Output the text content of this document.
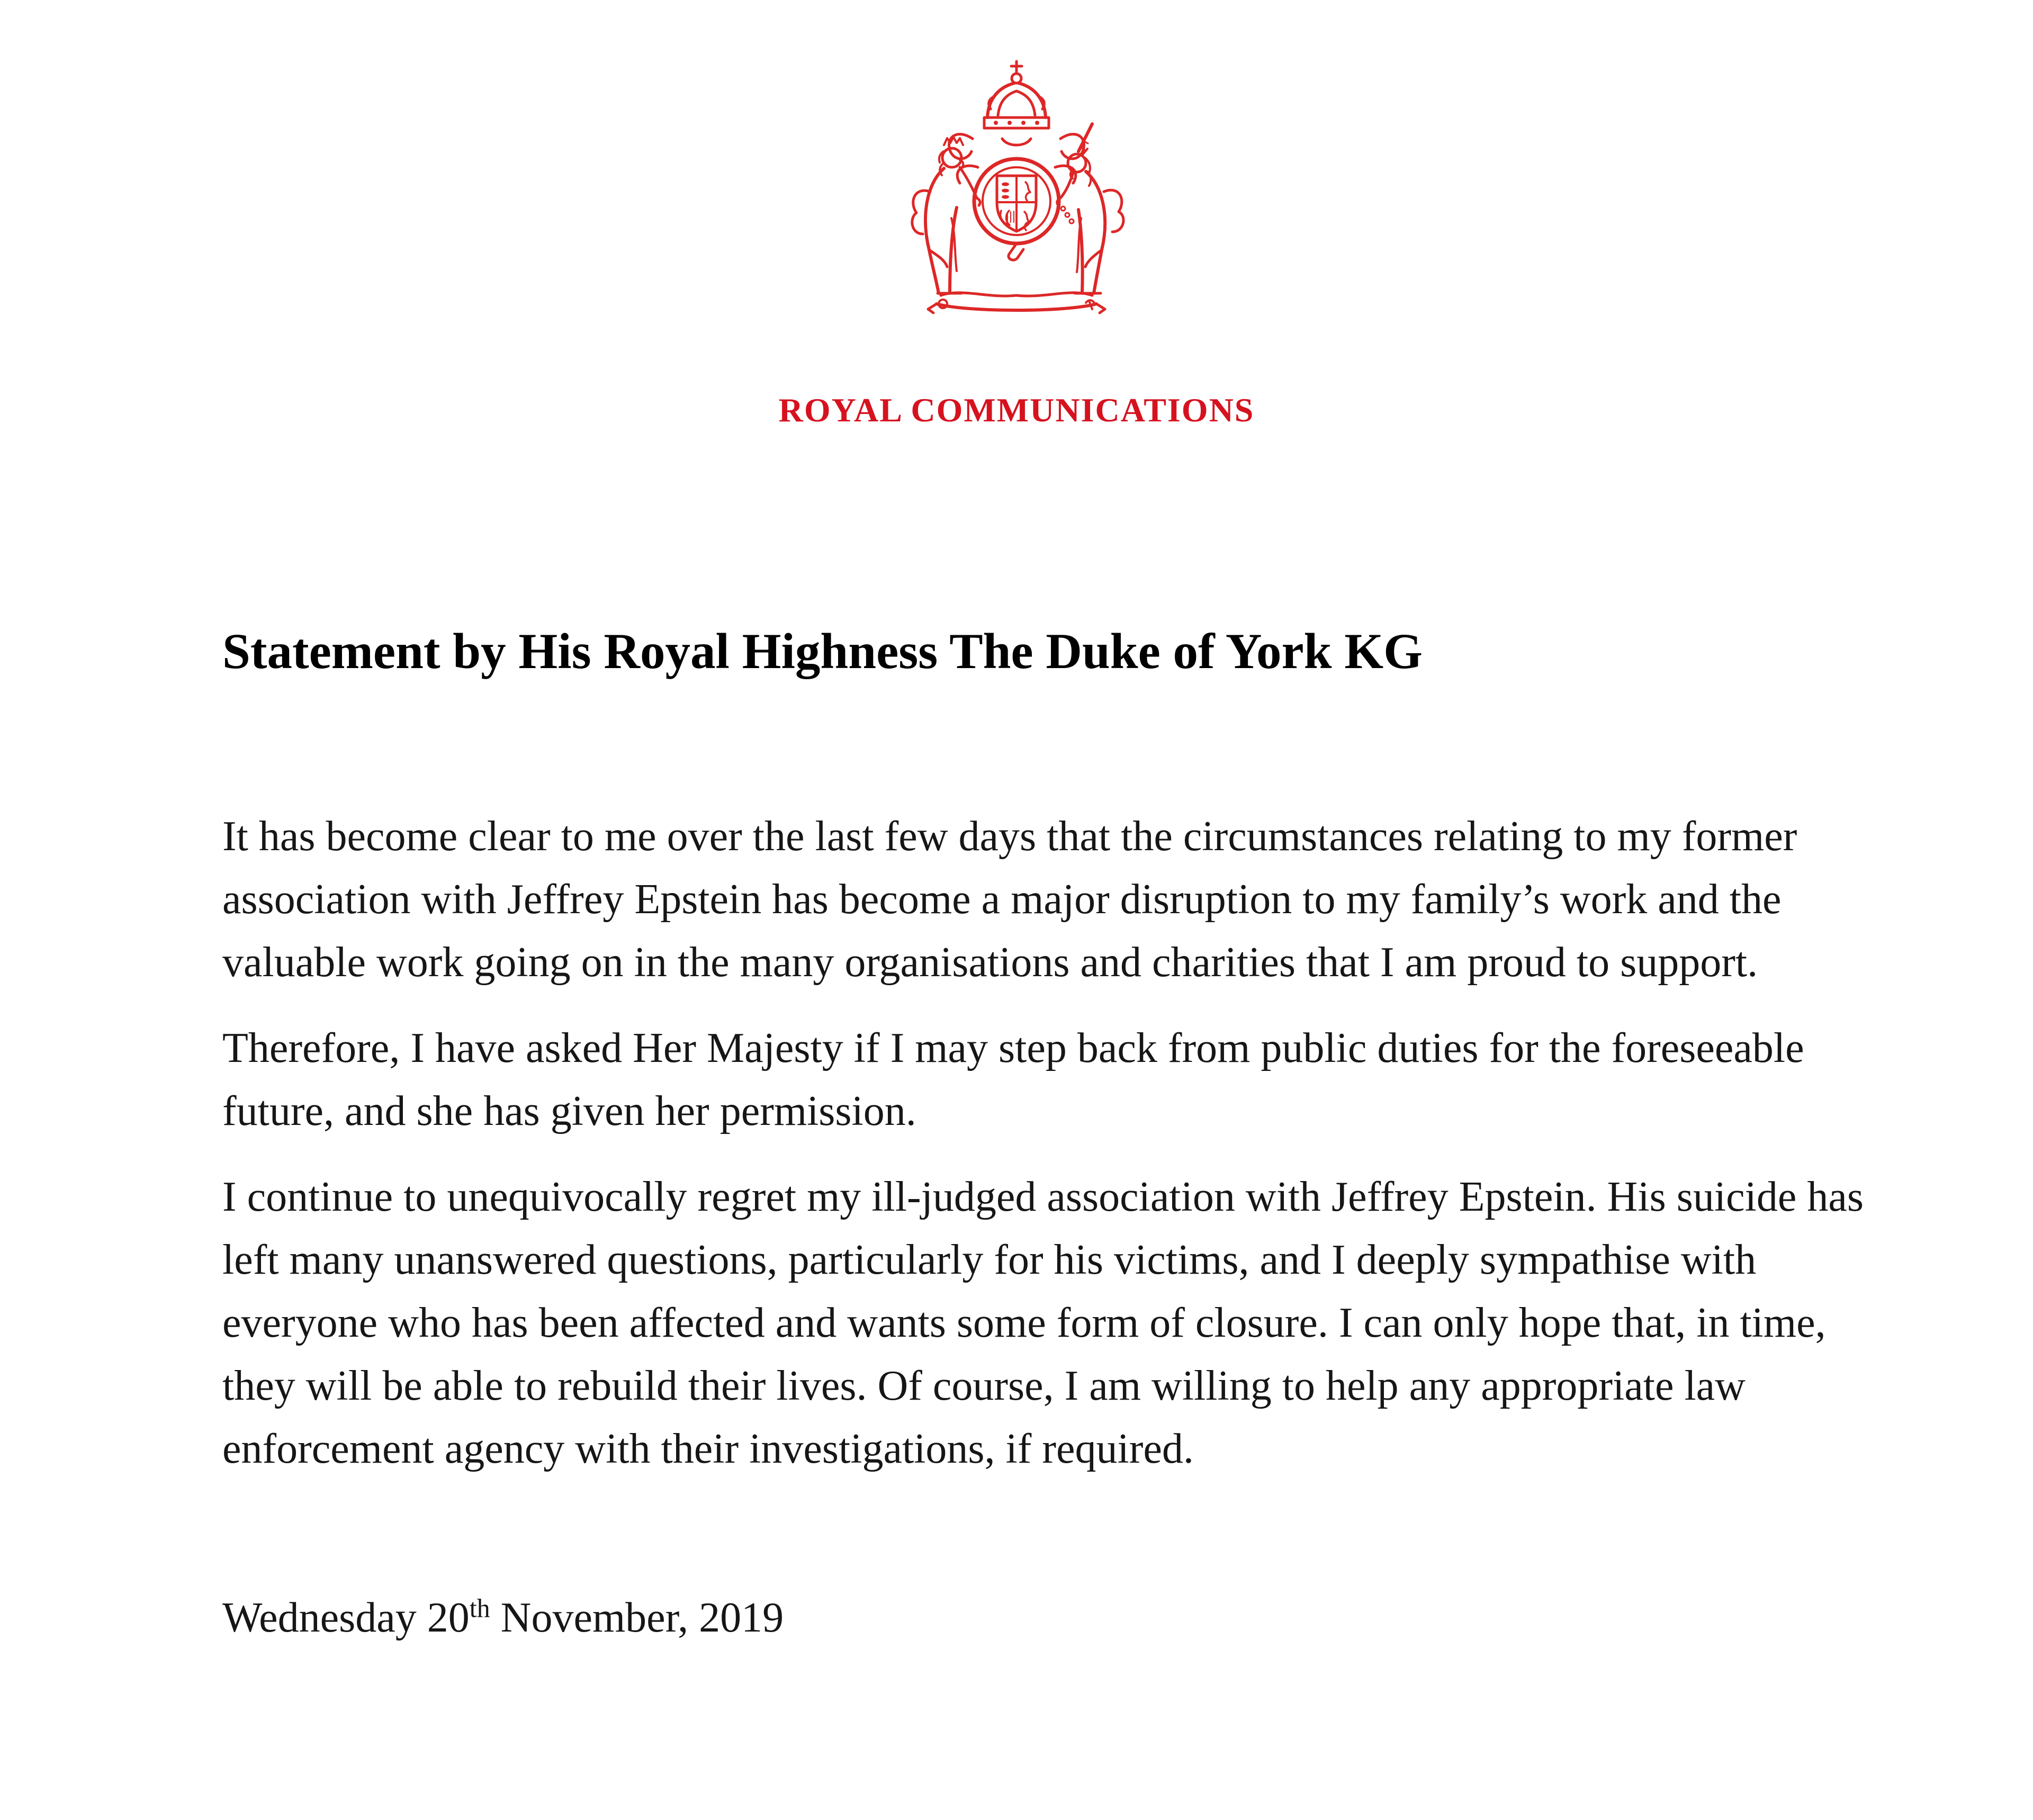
ROYAL COMMUNICATIONS
Statement by His Royal Highness The Duke of York KG

It has become clear to me over the last few days that the circumstances relating to my former association with Jeffrey Epstein has become a major disruption to my family’s work and the valuable work going on in the many organisations and charities that I am proud to support.

Therefore, I have asked Her Majesty if I may step back from public duties for the foreseeable future, and she has given her permission.

I continue to unequivocally regret my ill-judged association with Jeffrey Epstein. His suicide has left many unanswered questions, particularly for his victims, and I deeply sympathise with everyone who has been affected and wants some form of closure. I can only hope that, in time, they will be able to rebuild their lives. Of course, I am willing to help any appropriate law enforcement agency with their investigations, if required.

Wednesday 20th November, 2019
